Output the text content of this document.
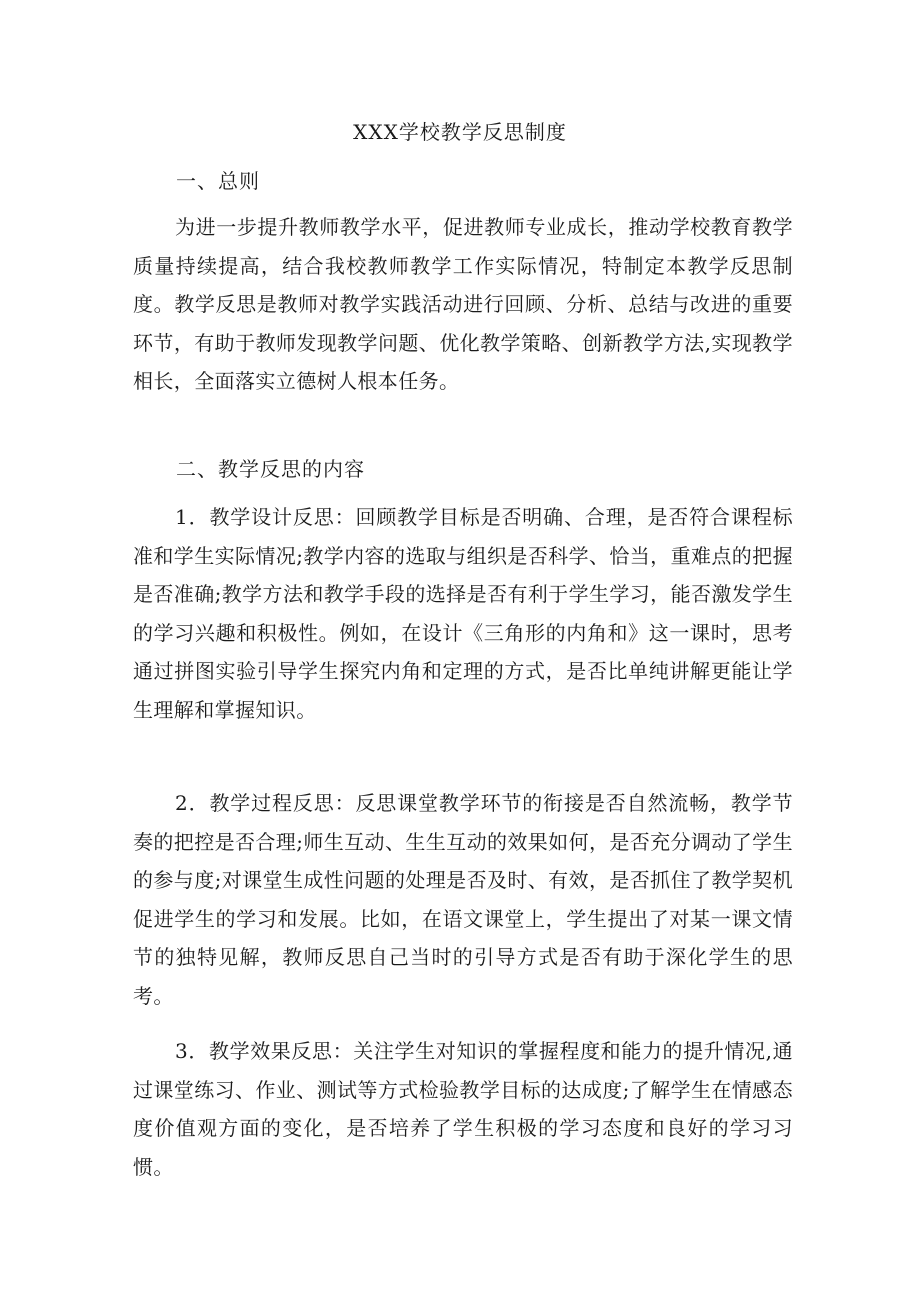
XXX学校教学反思制度
一、总则
为进一步提升教师教学水平，促进教师专业成长，推动学校教育教学质量持续提高，结合我校教师教学工作实际情况，特制定本教学反思制度。教学反思是教师对教学实践活动进行回顾、分析、总结与改进的重要环节，有助于教师发现教学问题、优化教学策略、创新教学方法,实现教学相长，全面落实立德树人根本任务。
二、教学反思的内容
1．教学设计反思：回顾教学目标是否明确、合理，是否符合课程标准和学生实际情况;教学内容的选取与组织是否科学、恰当，重难点的把握是否准确;教学方法和教学手段的选择是否有利于学生学习，能否激发学生的学习兴趣和积极性。例如，在设计《三角形的内角和》这一课时，思考通过拼图实验引导学生探究内角和定理的方式，是否比单纯讲解更能让学生理解和掌握知识。
2．教学过程反思：反思课堂教学环节的衔接是否自然流畅，教学节奏的把控是否合理;师生互动、生生互动的效果如何，是否充分调动了学生的参与度;对课堂生成性问题的处理是否及时、有效，是否抓住了教学契机促进学生的学习和发展。比如，在语文课堂上，学生提出了对某一课文情节的独特见解，教师反思自己当时的引导方式是否有助于深化学生的思考。
3．教学效果反思：关注学生对知识的掌握程度和能力的提升情况,通过课堂练习、作业、测试等方式检验教学目标的达成度;了解学生在情感态度价值观方面的变化，是否培养了学生积极的学习态度和良好的学习习惯。
